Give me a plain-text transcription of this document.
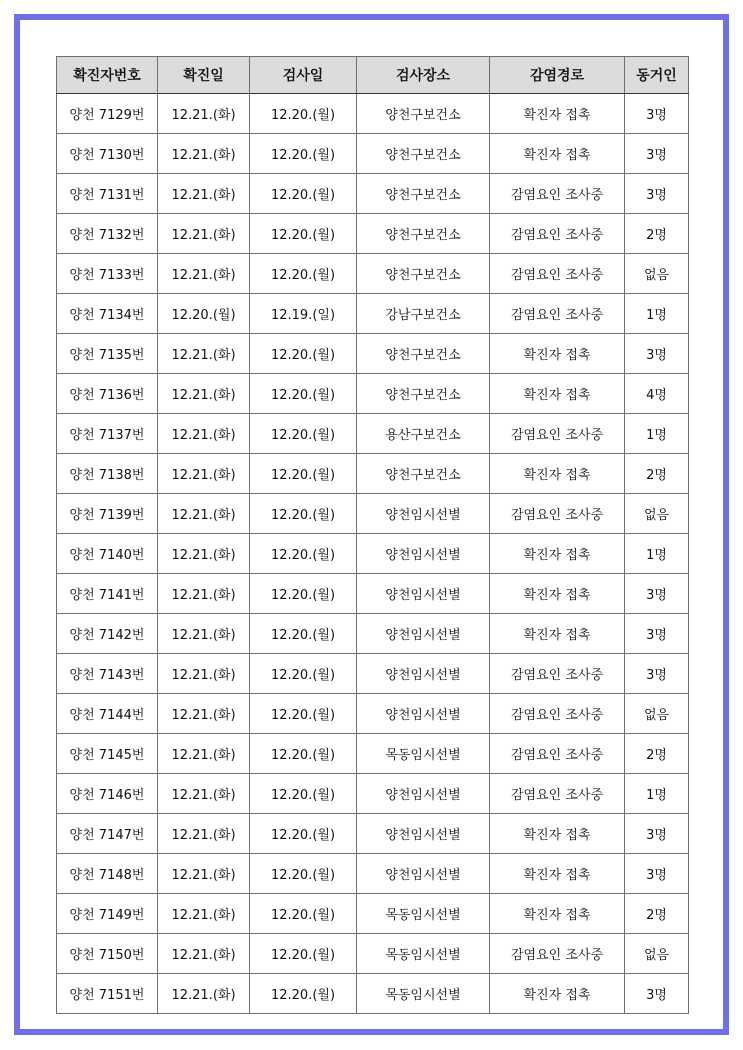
확진자번호	확진일	검사일	검사장소	감염경로	동거인
양천 7129번	12.21.(화)	12.20.(월)	양천구보건소	확진자 접촉	3명
양천 7130번	12.21.(화)	12.20.(월)	양천구보건소	확진자 접촉	3명
양천 7131번	12.21.(화)	12.20.(월)	양천구보건소	감염요인 조사중	3명
양천 7132번	12.21.(화)	12.20.(월)	양천구보건소	감염요인 조사중	2명
양천 7133번	12.21.(화)	12.20.(월)	양천구보건소	감염요인 조사중	없음
양천 7134번	12.20.(월)	12.19.(일)	강남구보건소	감염요인 조사중	1명
양천 7135번	12.21.(화)	12.20.(월)	양천구보건소	확진자 접촉	3명
양천 7136번	12.21.(화)	12.20.(월)	양천구보건소	확진자 접촉	4명
양천 7137번	12.21.(화)	12.20.(월)	용산구보건소	감염요인 조사중	1명
양천 7138번	12.21.(화)	12.20.(월)	양천구보건소	확진자 접촉	2명
양천 7139번	12.21.(화)	12.20.(월)	양천임시선별	감염요인 조사중	없음
양천 7140번	12.21.(화)	12.20.(월)	양천임시선별	확진자 접촉	1명
양천 7141번	12.21.(화)	12.20.(월)	양천임시선별	확진자 접촉	3명
양천 7142번	12.21.(화)	12.20.(월)	양천임시선별	확진자 접촉	3명
양천 7143번	12.21.(화)	12.20.(월)	양천임시선별	감염요인 조사중	3명
양천 7144번	12.21.(화)	12.20.(월)	양천임시선별	감염요인 조사중	없음
양천 7145번	12.21.(화)	12.20.(월)	목동임시선별	감염요인 조사중	2명
양천 7146번	12.21.(화)	12.20.(월)	양천임시선별	감염요인 조사중	1명
양천 7147번	12.21.(화)	12.20.(월)	양천임시선별	확진자 접촉	3명
양천 7148번	12.21.(화)	12.20.(월)	양천임시선별	확진자 접촉	3명
양천 7149번	12.21.(화)	12.20.(월)	목동임시선별	확진자 접촉	2명
양천 7150번	12.21.(화)	12.20.(월)	목동임시선별	감염요인 조사중	없음
양천 7151번	12.21.(화)	12.20.(월)	목동임시선별	확진자 접촉	3명
